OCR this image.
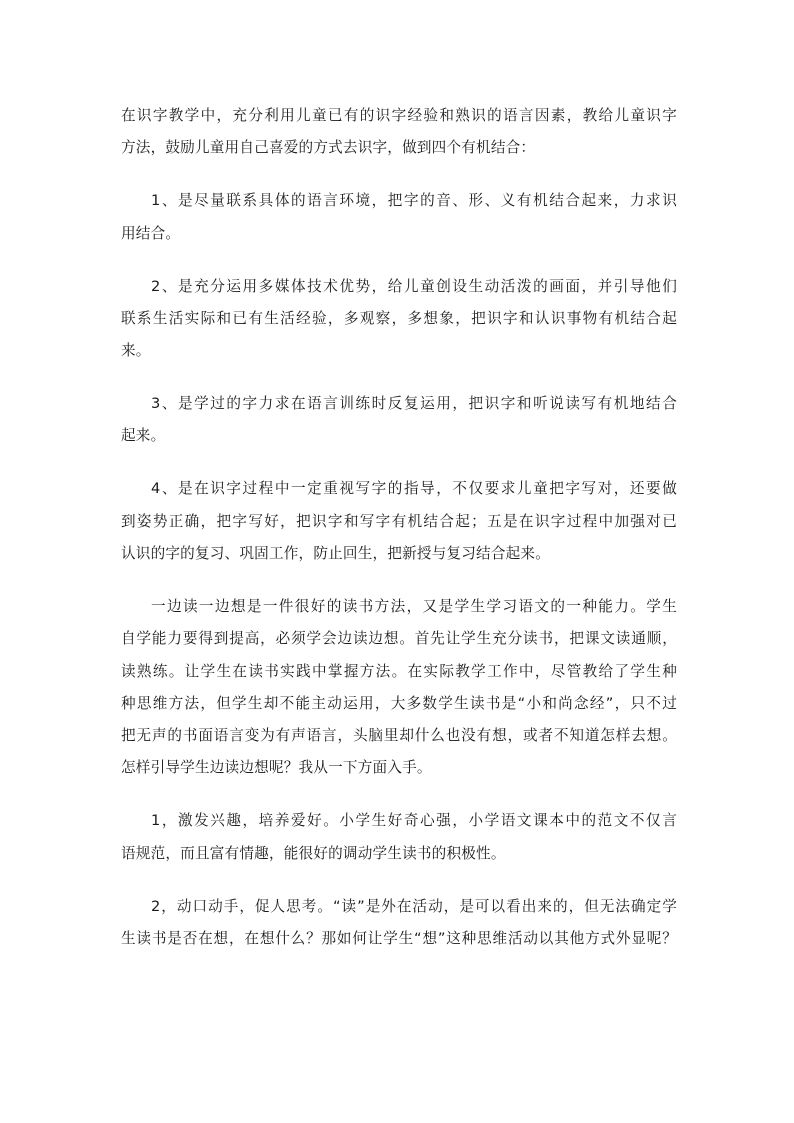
在识字教学中，充分利用儿童已有的识字经验和熟识的语言因素，教给儿童识字
方法，鼓励儿童用自己喜爱的方式去识字，做到四个有机结合：
1、是尽量联系具体的语言环境，把字的音、形、义有机结合起来，力求识
用结合。
2、是充分运用多媒体技术优势，给儿童创设生动活泼的画面，并引导他们
联系生活实际和已有生活经验，多观察，多想象，把识字和认识事物有机结合起
来。
3、是学过的字力求在语言训练时反复运用，把识字和听说读写有机地结合
起来。
4、是在识字过程中一定重视写字的指导，不仅要求儿童把字写对，还要做
到姿势正确，把字写好，把识字和写字有机结合起；五是在识字过程中加强对已
认识的字的复习、巩固工作，防止回生，把新授与复习结合起来。
一边读一边想是一件很好的读书方法，又是学生学习语文的一种能力。学生
自学能力要得到提高，必须学会边读边想。首先让学生充分读书，把课文读通顺，
读熟练。让学生在读书实践中掌握方法。在实际教学工作中，尽管教给了学生种
种思维方法，但学生却不能主动运用，大多数学生读书是“小和尚念经”，只不过
把无声的书面语言变为有声语言，头脑里却什么也没有想，或者不知道怎样去想。
怎样引导学生边读边想呢？我从一下方面入手。
1，激发兴趣，培养爱好。小学生好奇心强，小学语文课本中的范文不仅言
语规范，而且富有情趣，能很好的调动学生读书的积极性。
2，动口动手，促人思考。“读”是外在活动，是可以看出来的，但无法确定学
生读书是否在想，在想什么？那如何让学生“想”这种思维活动以其他方式外显呢？
